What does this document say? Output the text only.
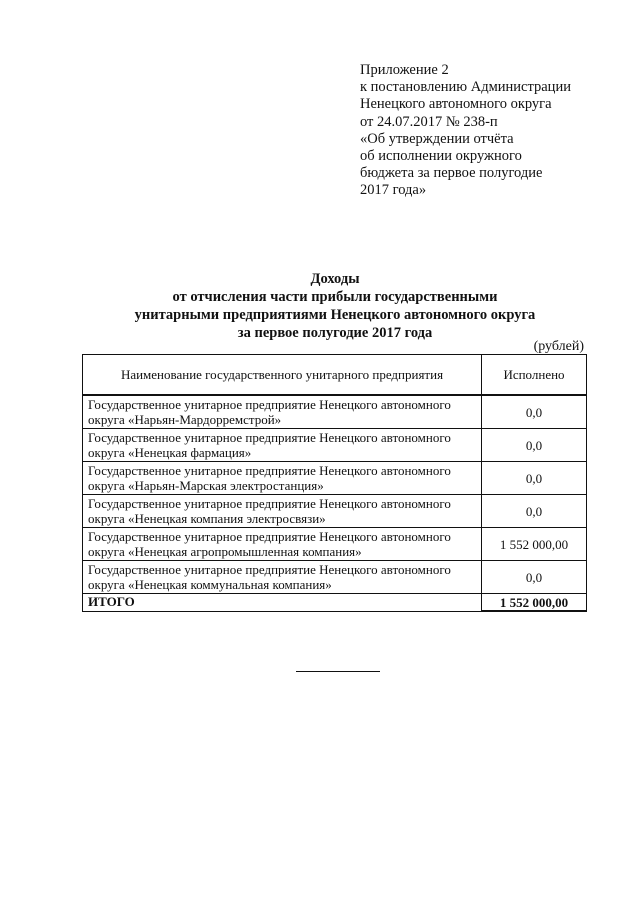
Приложение 2
к постановлению Администрации
Ненецкого автономного округа
от 24.07.2017 № 238-п
«Об утверждении отчёта
об исполнении окружного
бюджета за первое полугодие
2017 года»
Доходы
от отчисления части прибыли государственными
унитарными предприятиями Ненецкого автономного округа
за первое полугодие 2017 года
(рублей)
Наименование государственного унитарного предприятия	Исполнено

Государственное унитарное предприятие Ненецкого автономного
округа «Нарьян-Мардорремстрой»	0,0

Государственное унитарное предприятие Ненецкого автономного
округа «Ненецкая фармация»	0,0

Государственное унитарное предприятие Ненецкого автономного
округа «Нарьян-Марская электростанция»	0,0

Государственное унитарное предприятие Ненецкого автономного
округа «Ненецкая компания электросвязи»	0,0

Государственное унитарное предприятие Ненецкого автономного
округа «Ненецкая агропромышленная компания»	1 552 000,00

Государственное унитарное предприятие Ненецкого автономного
округа «Ненецкая коммунальная компания»	0,0
ИТОГО	1 552 000,00
